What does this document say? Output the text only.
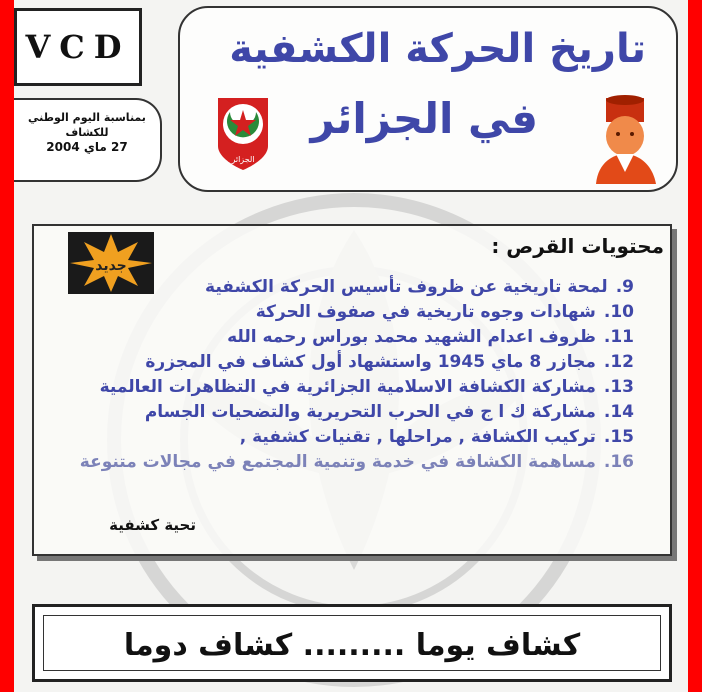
VCD
بمناسبة اليوم الوطني
للكشاف
27 ماي 2004
تاريخ الحركة الكشفية
في الجزائر
الجزائر
جديد
محتويات القرص :
9.
لمحة تاريخية عن ظروف تأسيس الحركة الكشفية
10.
شهادات وجوه تاريخية في صفوف الحركة
11.
ظروف اعدام الشهيد محمد بوراس رحمه الله
12.
مجازر 8 ماي 1945 واستشهاد أول كشاف في المجزرة
13.
مشاركة الكشافة الاسلامية الجزائرية في التظاهرات العالمية
14.
مشاركة ك ا ج في الحرب التحريرية والتضحيات الجسام
15.
تركيب الكشافة , مراحلها , تقنيات كشفية ,
16.
مساهمة الكشافة في خدمة وتنمية المجتمع في مجالات متنوعة
تحية كشفية
كشاف يوما ......... كشاف دوما
